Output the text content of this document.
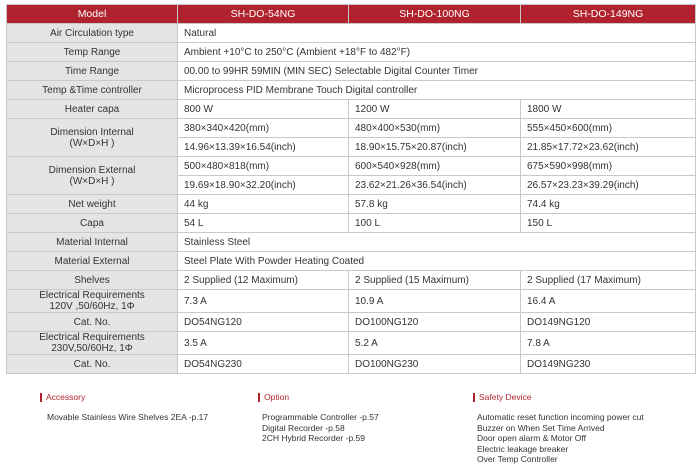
Model	SH-DO-54NG	SH-DO-100NG	SH-DO-149NG
Air Circulation type	Natural		
Temp Range	Ambient +10°C to 250°C (Ambient +18°F to 482°F)		
Time Range	00.00 to 99HR 59MIN (MIN SEC) Selectable Digital Counter Timer		
Temp &Time controller	Microprocess PID Membrane Touch Digital controller		
Heater capa	800 W	1200 W	1800 W
Dimension Internal
(W×D×H )	380×340×420(mm)	480×400×530(mm)	555×450×600(mm)
	14.96×13.39×16.54(inch)	18.90×15.75×20.87(inch)	21.85×17.72×23.62(inch)
Dimension External
(W×D×H )	500×480×818(mm)	600×540×928(mm)	675×590×998(mm)
	19.69×18.90×32.20(inch)	23.62×21.26×36.54(inch)	26.57×23.23×39.29(inch)
Net weight	44 kg	57.8 kg	74.4 kg
Capa	54 L	100 L	150 L
Material Internal	Stainless Steel		
Material External	Steel Plate With Powder Heating Coated		
Shelves	2 Supplied (12 Maximum)	2 Supplied (15 Maximum)	2 Supplied (17 Maximum)
Electrical Requirements
120V ,50/60Hz, 1Φ	7.3 A	10.9 A	16.4 A
Cat. No.	DO54NG120	DO100NG120	DO149NG120
Electrical Requirements
230V,50/60Hz, 1Φ	3.5 A	5.2 A	7.8 A
Cat. No.	DO54NG230	DO100NG230	DO149NG230
Accessory
Movable Stainless Wire Shelves 2EA -p.17
Option
Programmable Controller -p.57
Digital Recorder -p.58
2CH Hybrid Recorder -p.59
Safety Device
Automatic reset function incoming power cut
Buzzer on When Set Time Arrived
Door open alarm & Motor Off
Electric leakage breaker
Over Temp Controller
